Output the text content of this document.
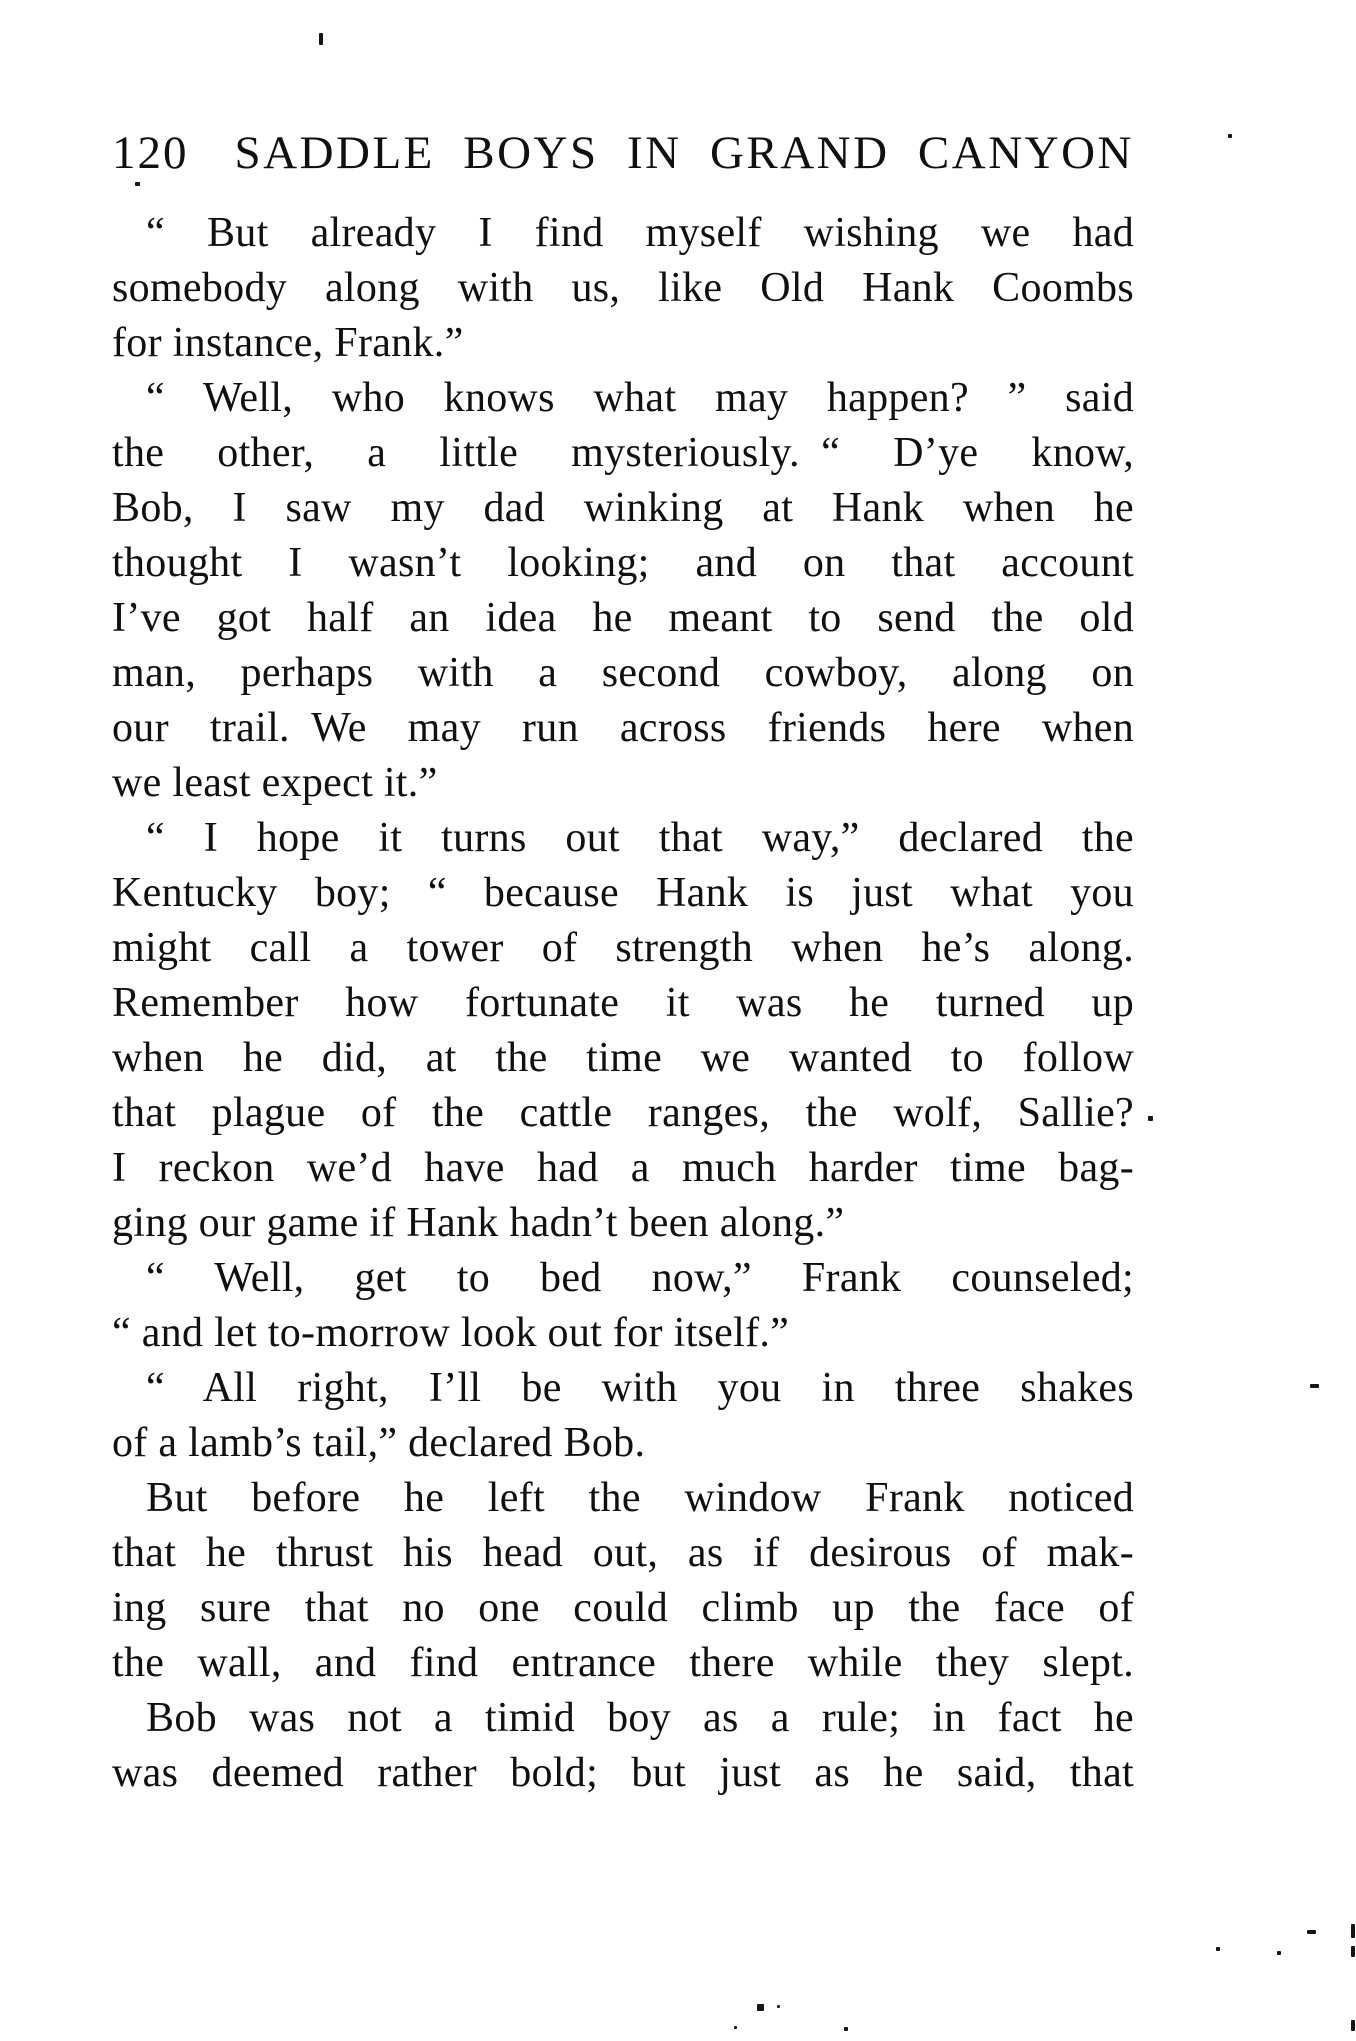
120 SADDLE BOYS IN GRAND CANYON
“ But already I find myself wishing we had
somebody along with us, like Old Hank Coombs
for instance, Frank.”
“ Well, who knows what may happen? ” said
the other, a little mysteriously. “ D’ye know,
Bob, I saw my dad winking at Hank when he
thought I wasn’t looking; and on that account
I’ve got half an idea he meant to send the old
man, perhaps with a second cowboy, along on
our trail. We may run across friends here when
we least expect it.”
“ I hope it turns out that way,” declared the
Kentucky boy; “ because Hank is just what you
might call a tower of strength when he’s along.
Remember how fortunate it was he turned up
when he did, at the time we wanted to follow
that plague of the cattle ranges, the wolf, Sallie?
I reckon we’d have had a much harder time bag-
ging our game if Hank hadn’t been along.”
“ Well, get to bed now,” Frank counseled;
“ and let to-morrow look out for itself.”
“ All right, I’ll be with you in three shakes
of a lamb’s tail,” declared Bob.
But before he left the window Frank noticed
that he thrust his head out, as if desirous of mak-
ing sure that no one could climb up the face of
the wall, and find entrance there while they slept.
Bob was not a timid boy as a rule; in fact he
was deemed rather bold; but just as he said, that
